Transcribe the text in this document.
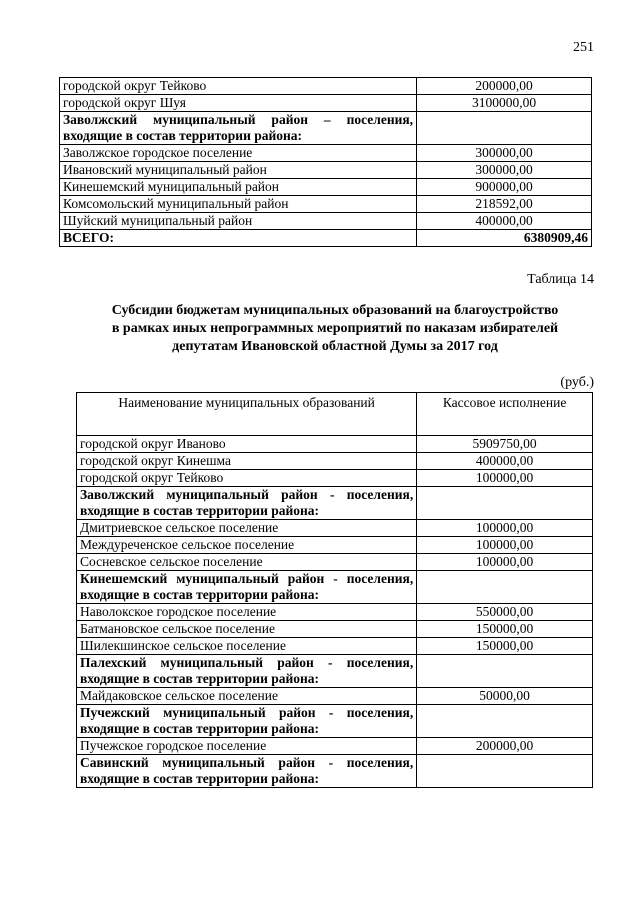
251
городской округ Тейково	200000,00
городской округ Шуя	3100000,00
Заволжский муниципальный район – поселения, входящие в состав территории района:	
Заволжское городское поселение	300000,00
Ивановский муниципальный район	300000,00
Кинешемский муниципальный район	900000,00
Комсомольский муниципальный район	218592,00
Шуйский муниципальный район	400000,00
ВСЕГО:	6380909,46
Таблица 14
Субсидии бюджетам муниципальных образований на благоустройство
в рамках иных непрограммных мероприятий по наказам избирателей
депутатам Ивановской областной Думы за 2017 год
(руб.)
Наименование муниципальных образований	Кассовое исполнение
городской округ Иваново	5909750,00
городской округ Кинешма	400000,00
городской округ Тейково	100000,00
Заволжский муниципальный район - поселения, входящие в состав территории района:	
Дмитриевское сельское поселение	100000,00
Междуреченское сельское поселение	100000,00
Сосневское сельское поселение	100000,00
Кинешемский муниципальный район - поселения, входящие в состав территории района:	
Наволокское городское поселение	550000,00
Батмановское сельское поселение	150000,00
Шилекшинское сельское поселение	150000,00
Палехский муниципальный район - поселения, входящие в состав территории района:	
Майдаковское сельское поселение	50000,00
Пучежский муниципальный район - поселения, входящие в состав территории района:	
Пучежское городское поселение	200000,00
Савинский муниципальный район - поселения, входящие в состав территории района:	
